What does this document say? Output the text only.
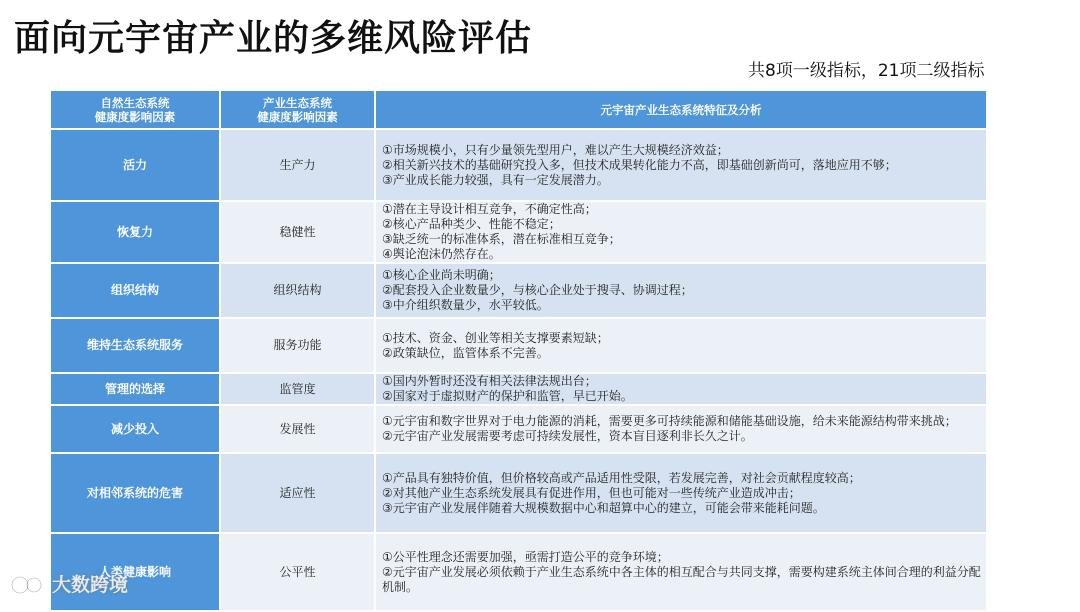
面向元宇宙产业的多维风险评估
共8项一级指标，21项二级指标
自然生态系统
健康度影响因素	产业生态系统
健康度影响因素	元宇宙产业生态系统特征及分析
活力	生产力	①市场规模小，只有少量领先型用户，难以产生大规模经济效益；
②相关新兴技术的基础研究投入多，但技术成果转化能力不高，即基础创新尚可，落地应用不够；
③产业成长能力较强，具有一定发展潜力。

恢复力	稳健性	①潜在主导设计相互竞争，不确定性高；
②核心产品种类少、性能不稳定；
③缺乏统一的标准体系，潜在标准相互竞争；
④舆论泡沫仍然存在。

组织结构	组织结构	①核心企业尚未明确；
②配套投入企业数量少，与核心企业处于搜寻、协调过程；
③中介组织数量少，水平较低。

维持生态系统服务	服务功能	①技术、资金、创业等相关支撑要素短缺；
②政策缺位，监管体系不完善。

管理的选择	监管度	①国内外暂时还没有相关法律法规出台；
②国家对于虚拟财产的保护和监管，早已开始。

减少投入	发展性	①元宇宙和数字世界对于电力能源的消耗，需要更多可持续能源和储能基础设施，给未来能源结构带来挑战；
②元宇宙产业发展需要考虑可持续发展性，资本盲目逐利非长久之计。

对相邻系统的危害	适应性	①产品具有独特价值，但价格较高或产品适用性受限，若发展完善，对社会贡献程度较高；
②对其他产业生态系统发展具有促进作用，但也可能对一些传统产业造成冲击；
③元宇宙产业发展伴随着大规模数据中心和超算中心的建立，可能会带来能耗问题。

人类健康影响	公平性	①公平性理念还需要加强，亟需打造公平的竞争环境；
②元宇宙产业发展必须依赖于产业生态系统中各主体的相互配合与共同支撑，需要构建系统主体间合理的利益分配机制。
大数跨境
